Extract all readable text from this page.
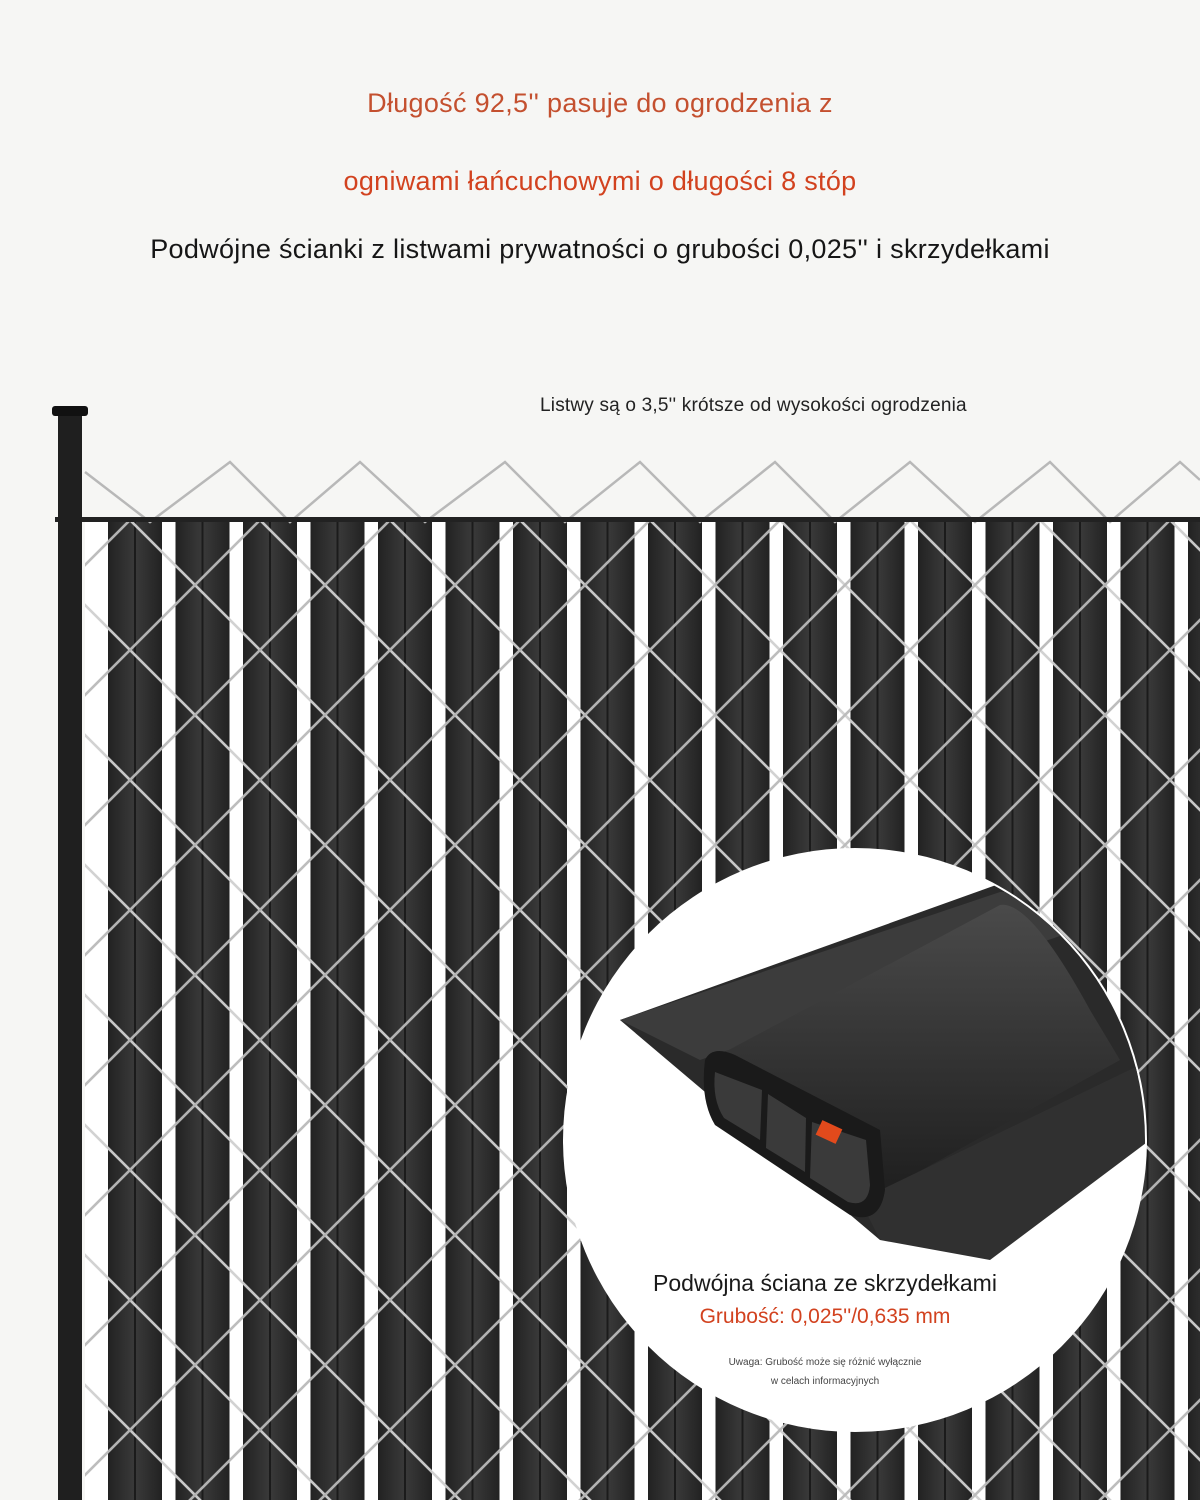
Długość 92,5'' pasuje do ogrodzenia z
ogniwami łańcuchowymi o długości 8 stóp
Podwójne ścianki z listwami prywatności o grubości 0,025'' i skrzydełkami
Listwy są o 3,5'' krótsze od wysokości ogrodzenia
Podwójna ściana ze skrzydełkami
Grubość: 0,025''/0,635 mm
Uwaga: Grubość może się różnić wyłącznie
w celach informacyjnych
